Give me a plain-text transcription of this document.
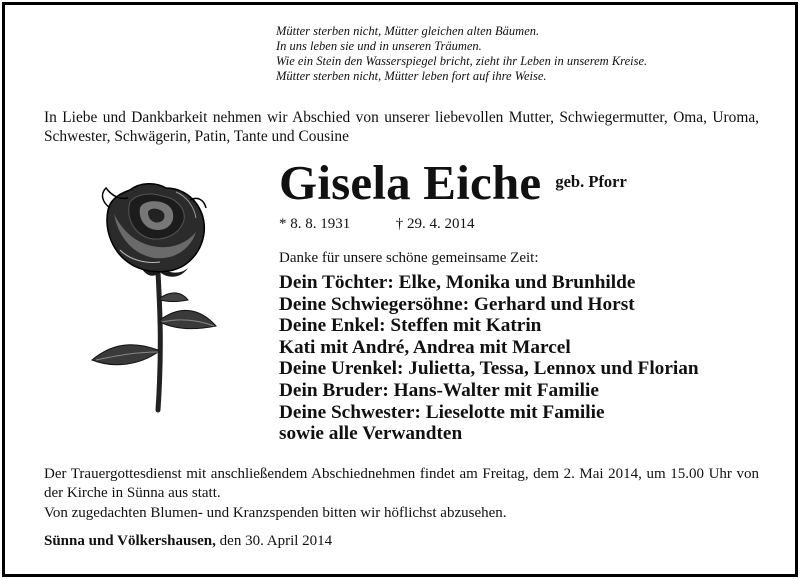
Mütter sterben nicht, Mütter gleichen alten Bäumen.
In uns leben sie und in unseren Träumen.
Wie ein Stein den Wasserspiegel bricht, zieht ihr Leben in unserem Kreise.
Mütter sterben nicht, Mütter leben fort auf ihre Weise.
In Liebe und Dankbarkeit nehmen wir Abschied von unserer liebevollen Mutter, Schwiegermutter, Oma, Uroma, Schwester, Schwägerin, Patin, Tante und Cousine
Gisela Eiche geb. Pforr
* 8. 8. 1931	† 29. 4. 2014
Danke für unsere schöne gemeinsame Zeit:
Dein Töchter: Elke, Monika und Brunhilde
Deine Schwiegersöhne: Gerhard und Horst
Deine Enkel: Steffen mit Katrin
Kati mit André, Andrea mit Marcel
Deine Urenkel: Julietta, Tessa, Lennox und Florian
Dein Bruder: Hans-Walter mit Familie
Deine Schwester: Lieselotte mit Familie
sowie alle Verwandten
Der Trauergottesdienst mit anschließendem Abschiednehmen findet am Freitag, dem 2. Mai 2014, um 15.00 Uhr von der Kirche in Sünna aus statt.
Von zugedachten Blumen- und Kranzspenden bitten wir höflichst abzusehen.
Sünna und Völkershausen, den 30. April 2014
